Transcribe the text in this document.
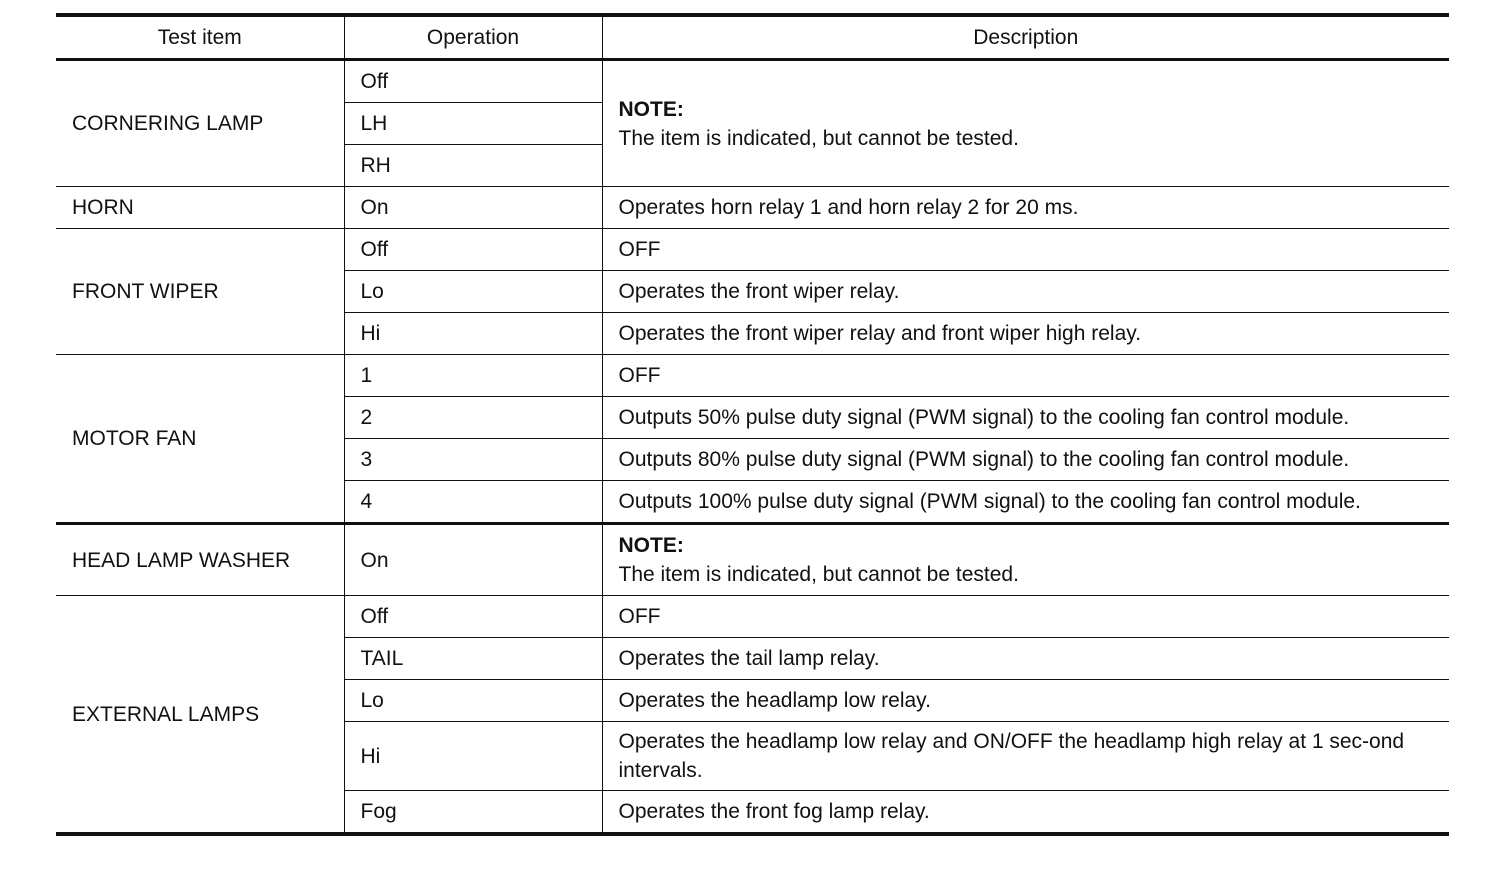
Test item	Operation	Description
CORNERING LAMP	Off	NOTE:
The item is indicated, but cannot be tested.
	LH	
	RH	
HORN	On	Operates horn relay 1 and horn relay 2 for 20 ms.
FRONT WIPER	Off	OFF
	Lo	Operates the front wiper relay.
	Hi	Operates the front wiper relay and front wiper high relay.
MOTOR FAN	1	OFF
	2	Outputs 50% pulse duty signal (PWM signal) to the cooling fan control module.
	3	Outputs 80% pulse duty signal (PWM signal) to the cooling fan control module.
	4	Outputs 100% pulse duty signal (PWM signal) to the cooling fan control module.
HEAD LAMP WASHER	On	NOTE:
The item is indicated, but cannot be tested.
EXTERNAL LAMPS	Off	OFF
	TAIL	Operates the tail lamp relay.
	Lo	Operates the headlamp low relay.
	Hi	Operates the headlamp low relay and ON/OFF the headlamp high relay at 1 sec-ond intervals.
	Fog	Operates the front fog lamp relay.
